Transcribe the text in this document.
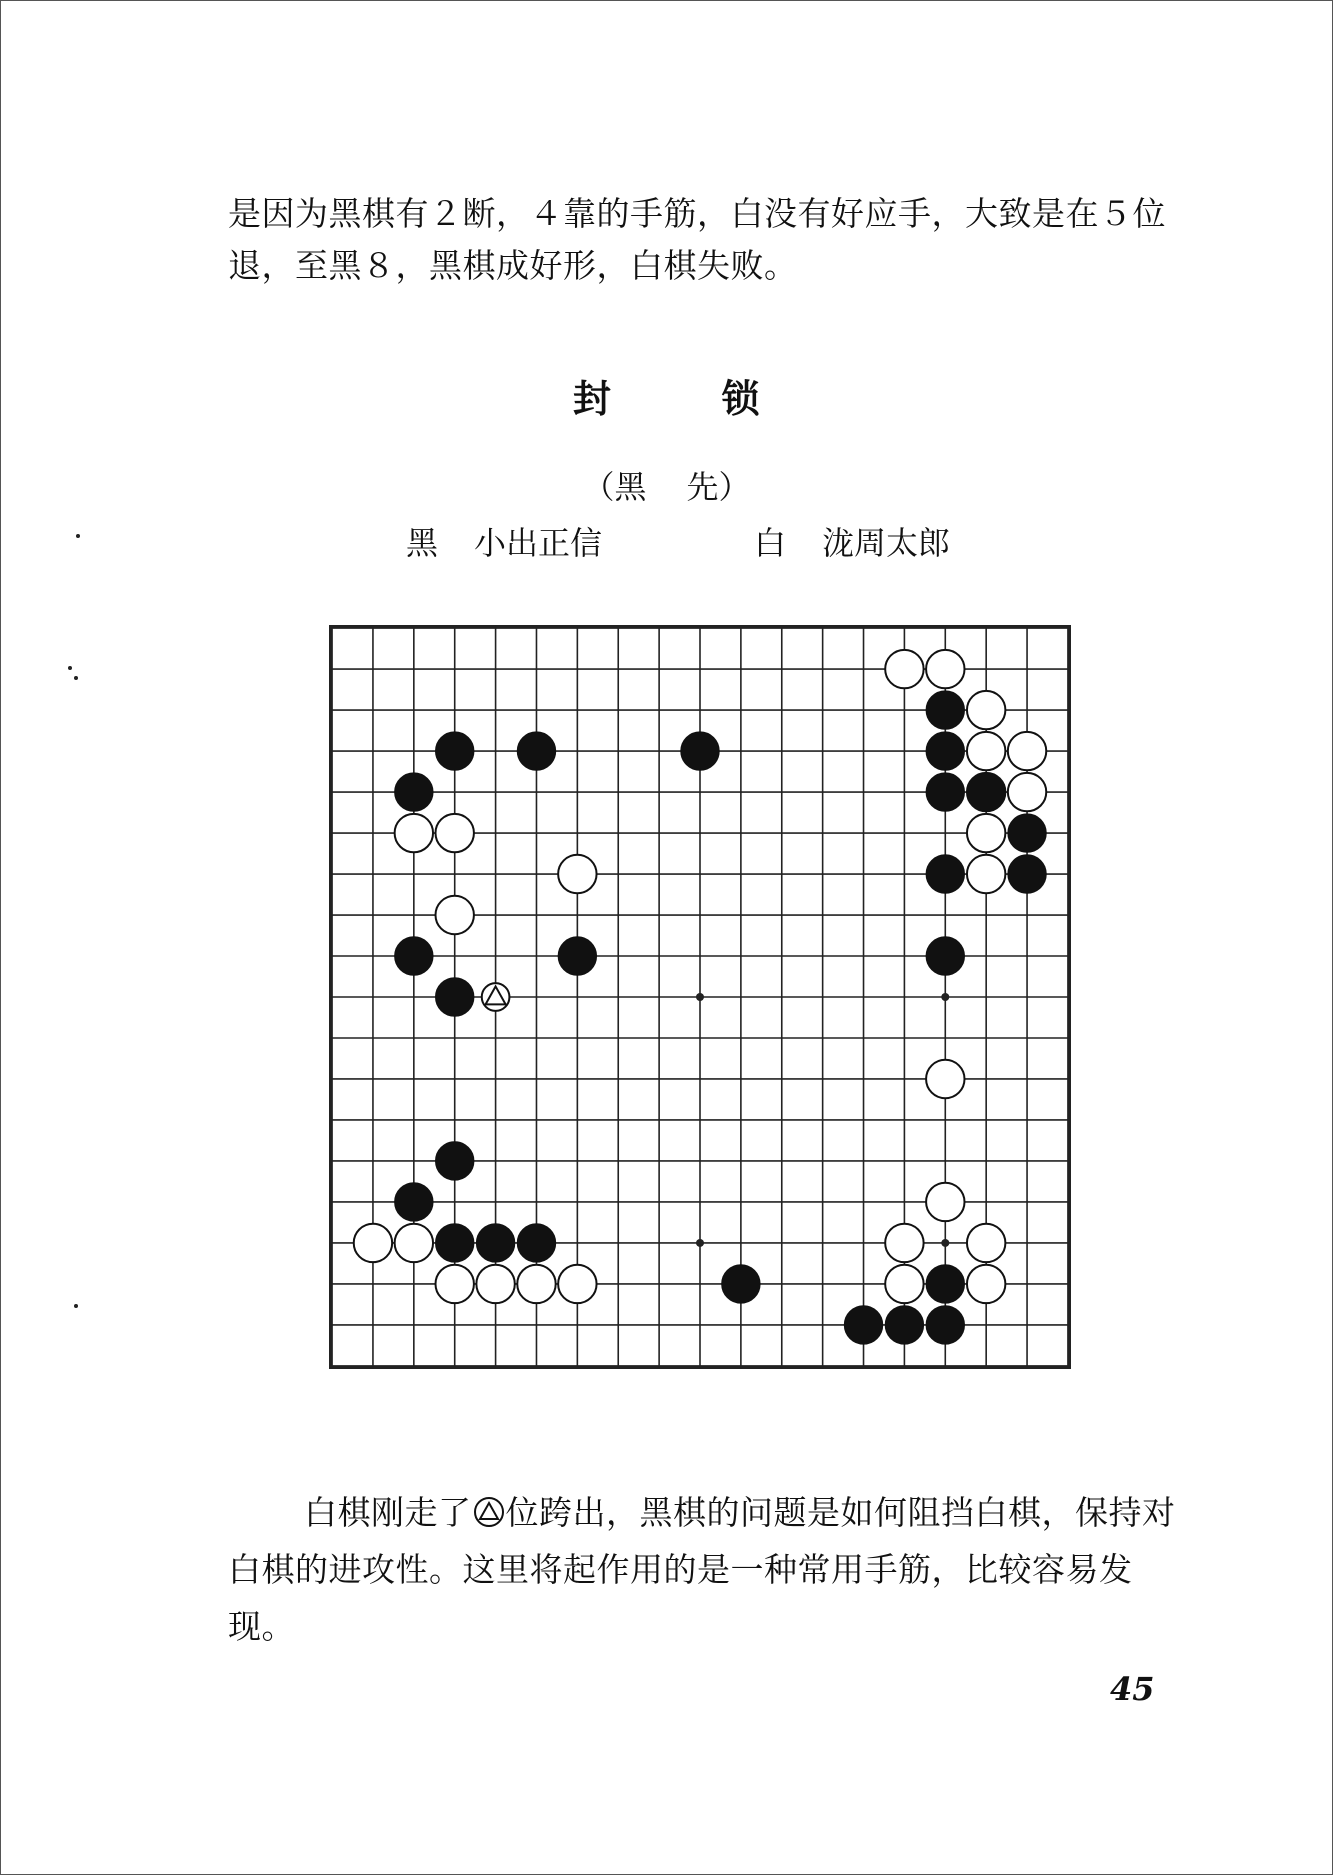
是因为黑棋有２断，４靠的手筋，白没有好应手，大致是在５位退，至黑８，黑棋成好形，白棋失败。

封	锁
（黑 先）
黑 小出正信	白 泷周太郎

白棋刚走了 位跨出，黑棋的问题是如何阻挡白棋，保持对白棋的进攻性。这里将起作用的是一种常用手筋，比较容易发现。

45
